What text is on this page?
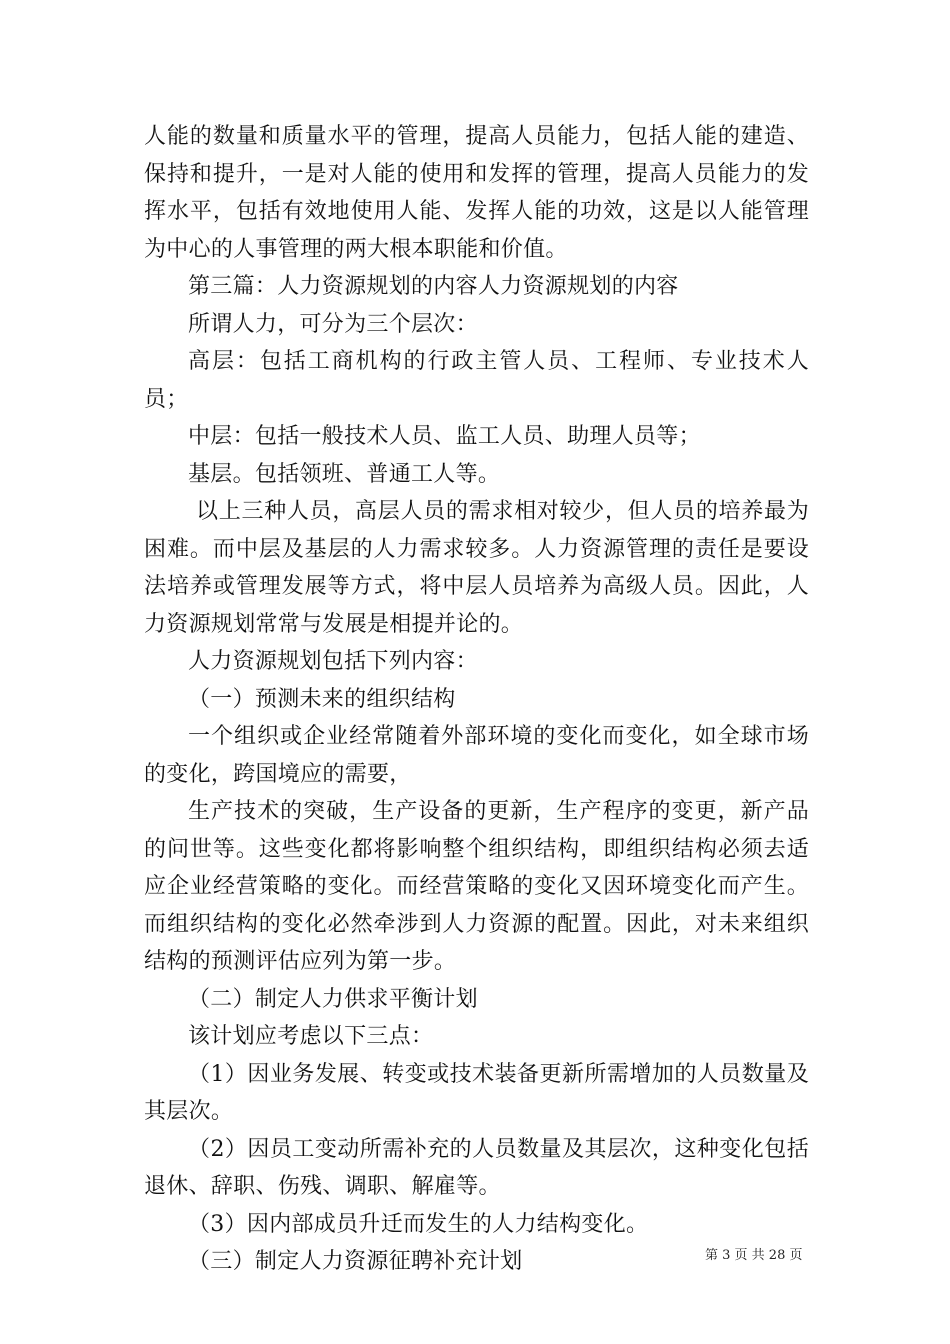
人能的数量和质量水平的管理，提高人员能力，包括人能的建造、保持和提升，一是对人能的使用和发挥的管理，提高人员能力的发挥水平，包括有效地使用人能、发挥人能的功效，这是以人能管理为中心的人事管理的两大根本职能和价值。

第三篇：人力资源规划的内容人力资源规划的内容

所谓人力，可分为三个层次：

高层：包括工商机构的行政主管人员、工程师、专业技术人员；

中层：包括一般技术人员、监工人员、助理人员等；

基层。包括领班、普通工人等。

以上三种人员，高层人员的需求相对较少，但人员的培养最为困难。而中层及基层的人力需求较多。人力资源管理的责任是要设法培养或管理发展等方式，将中层人员培养为高级人员。因此，人力资源规划常常与发展是相提并论的。

人力资源规划包括下列内容：

（一）预测未来的组织结构

一个组织或企业经常随着外部环境的变化而变化，如全球市场的变化，跨国境应的需要，

生产技术的突破，生产设备的更新，生产程序的变更，新产品的问世等。这些变化都将影响整个组织结构，即组织结构必须去适应企业经营策略的变化。而经营策略的变化又因环境变化而产生。而组织结构的变化必然牵涉到人力资源的配置。因此，对未来组织结构的预测评估应列为第一步。

（二）制定人力供求平衡计划

该计划应考虑以下三点：

（1）因业务发展、转变或技术装备更新所需增加的人员数量及其层次。

（2）因员工变动所需补充的人员数量及其层次，这种变化包括退休、辞职、伤残、调职、解雇等。

（3）因内部成员升迁而发生的人力结构变化。

（三）制定人力资源征聘补充计划	第 3 页 共 28 页
